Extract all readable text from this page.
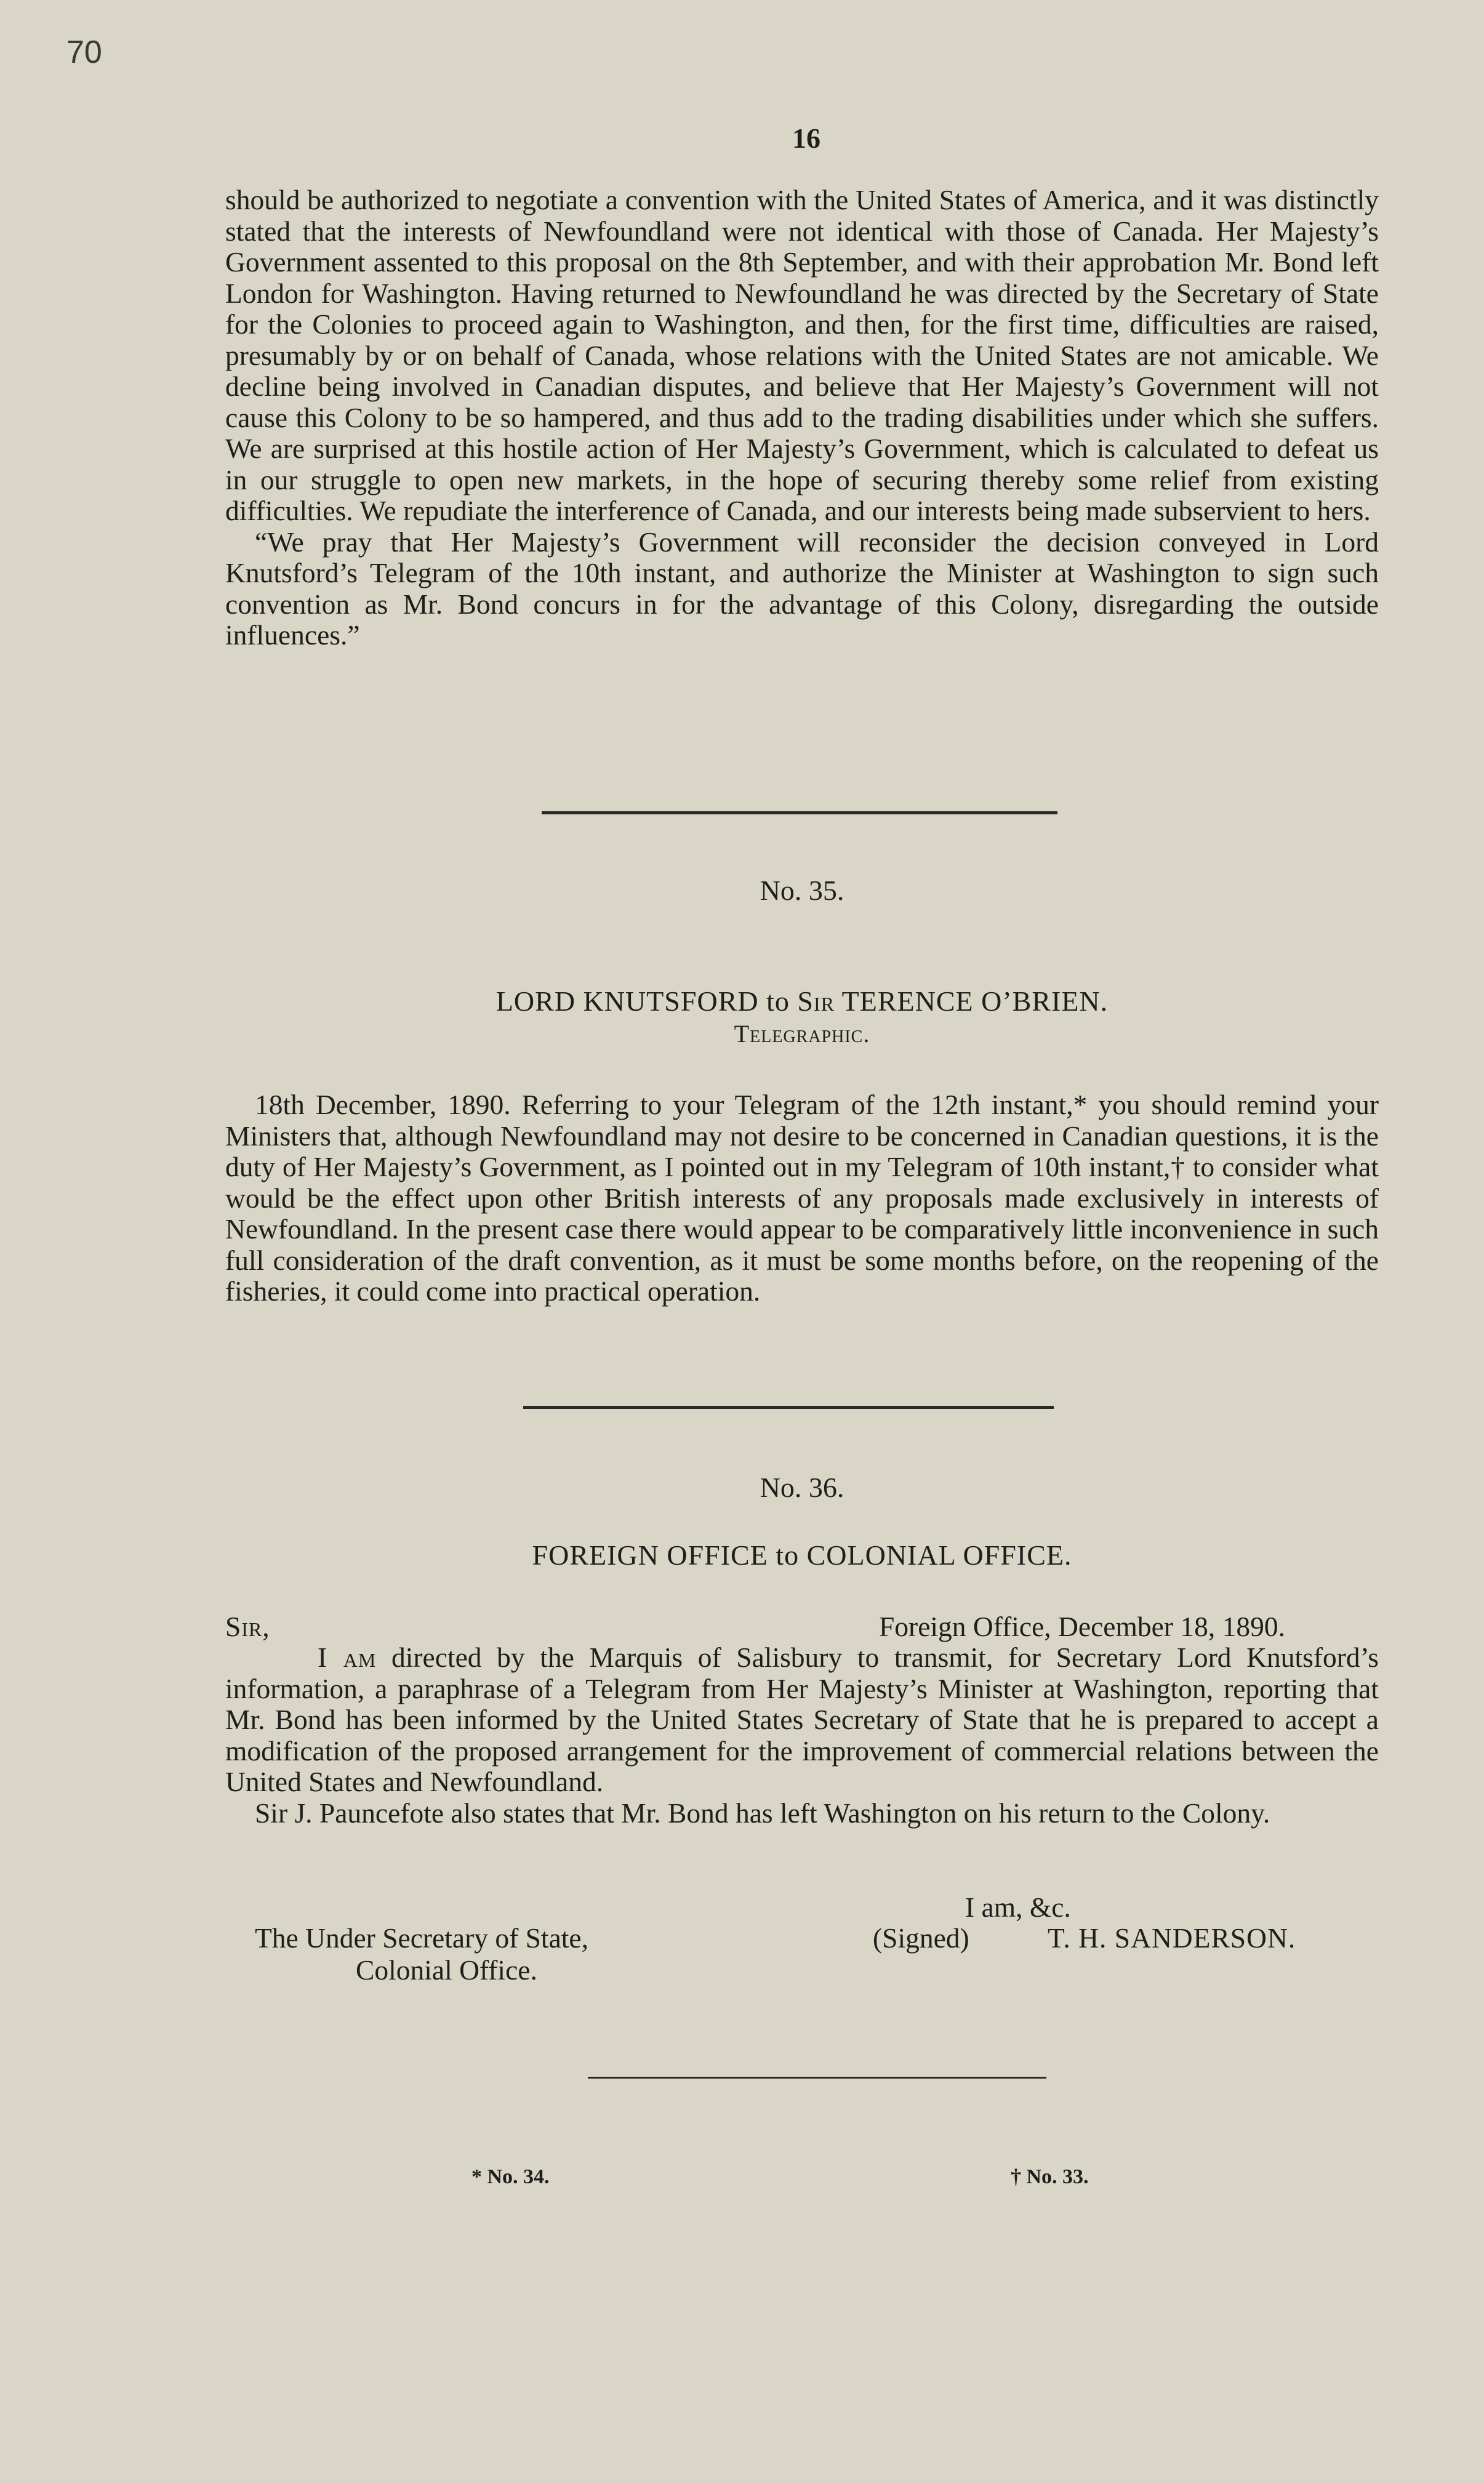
70
16

should be authorized to negotiate a convention with the United States of America, and it was distinctly stated that the interests of Newfoundland were not identical with those of Canada. Her Majesty’s Government assented to this proposal on the 8th September, and with their approbation Mr. Bond left London for Washington. Having returned to Newfoundland he was directed by the Secretary of State for the Colonies to proceed again to Washington, and then, for the first time, difficulties are raised, presumably by or on behalf of Canada, whose relations with the United States are not amicable. We decline being involved in Canadian disputes, and believe that Her Majesty’s Government will not cause this Colony to be so hampered, and thus add to the trading disabilities under which she suffers. We are surprised at this hostile action of Her Majesty’s Government, which is calculated to defeat us in our struggle to open new markets, in the hope of securing thereby some relief from existing difficulties. We repudiate the interference of Canada, and our interests being made subservient to hers.

“We pray that Her Majesty’s Government will reconsider the decision conveyed in Lord Knutsford’s Telegram of the 10th instant, and authorize the Minister at Washington to sign such convention as Mr. Bond concurs in for the advantage of this Colony, disregarding the outside influences.”

No. 35.
LORD KNUTSFORD to Sir TERENCE O’BRIEN.
Telegraphic.

18th December, 1890. Referring to your Telegram of the 12th instant,* you should remind your Ministers that, although Newfoundland may not desire to be concerned in Canadian questions, it is the duty of Her Majesty’s Government, as I pointed out in my Telegram of 10th instant,† to consider what would be the effect upon other British interests of any proposals made exclusively in interests of Newfoundland. In the present case there would appear to be comparatively little inconvenience in such full consideration of the draft convention, as it must be some months before, on the reopening of the fisheries, it could come into practical operation.

No. 36.
FOREIGN OFFICE to COLONIAL OFFICE.
Sir,	Foreign Office, December 18, 1890.

I am directed by the Marquis of Salisbury to transmit, for Secretary Lord Knutsford’s information, a paraphrase of a Telegram from Her Majesty’s Minister at Washington, reporting that Mr. Bond has been informed by the United States Secretary of State that he is prepared to accept a modification of the proposed arrangement for the improvement of commercial relations between the United States and Newfoundland.

Sir J. Pauncefote also states that Mr. Bond has left Washington on his return to the Colony.

I am, &c.
The Under Secretary of State,	(Signed)	T. H. SANDERSON.
Colonial Office.
* No. 34.	† No. 33.
